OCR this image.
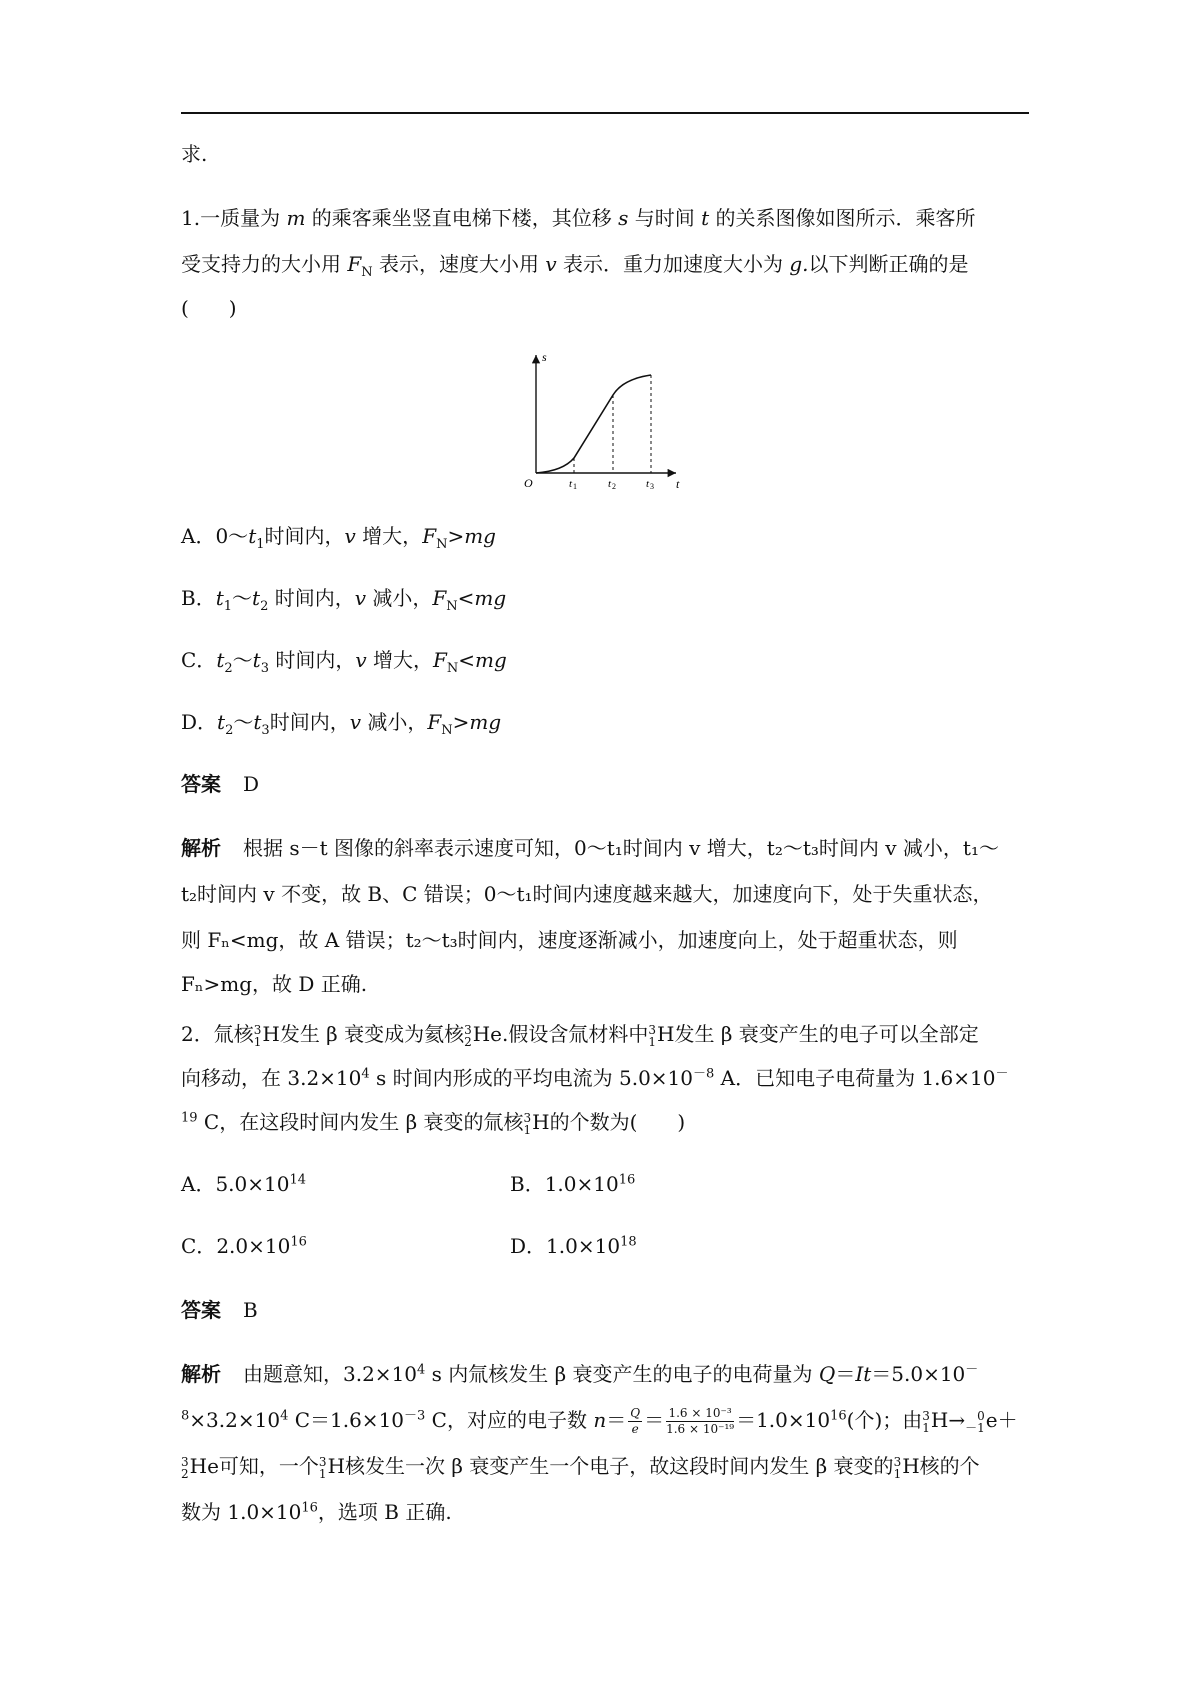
求.
1.一质量为 m 的乘客乘坐竖直电梯下楼，其位移 s 与时间 t 的关系图像如图所示．乘客所
受支持力的大小用 $F_N$ 表示，速度大小用 v 表示．重力加速度大小为 g.以下判断正确的是
(　　)
s
t
O	t 1	t 2	t 3
A．$0\sim t_1$时间内，v 增大，$F_N>mg$
B．$t_1\sim t_2$ 时间内，v 减小，$F_N<mg$
C．$t_2\sim t_3$ 时间内，v 增大，$F_N<mg$
D．$t_2\sim t_3$时间内，v 减小，$F_N>mg$
答案 D
解析 根据 s－t 图像的斜率表示速度可知，0～t₁时间内 v 增大，t₂～t₃时间内 v 减小，t₁～
t₂时间内 v 不变，故 B、C 错误；0～t₁时间内速度越来越大，加速度向下，处于失重状态，
则 Fₙ<mg，故 A 错误；t₂～t₃时间内，速度逐渐减小，加速度向上，处于超重状态，则
Fₙ>mg，故 D 正确.
2．氚核 3
1 H发生 β 衰变成为氦核 3
2 He.假设含氚材料中 3
1 H发生 β 衰变产生的电子可以全部定
向移动，在 $3.2\times 10^4$ s 时间内形成的平均电流为 $5.0\times 10^{-8}$ A．已知电子电荷量为 1.6×10－
$^{19}$ C，在这段时间内发生 β 衰变的氚核 3
1 H的个数为(　　)
A．$5.0\times 10^{14}$	B．$1.0\times 10^{16}$
C．$2.0\times 10^{16}$	D．$1.0\times 10^{18}$
答案 B
解析 由题意知，$3.2\times 10^4$ s 内氚核发生 β 衰变产生的电子的电荷量为 Q＝It＝5.0×10－
$^8\times 3.2\times 10^4$ $C=1.6\times 10^{-3}$ C，对应的电子数 $n= \frac{Q}{e} = \frac{\text{1.6 × 10⁻³}}{\text{1.6 × 10⁻¹⁹}} =1.0\times 10^{16}$(个)；由 3
1 H→	0
－1 e＋
3
2 He可知，一个 3
1 H核发生一次 β 衰变产生一个电子，故这段时间内发生 β 衰变的 3
1 H核的个
数为 $1.0\times 10^{16}$，选项 B 正确.
